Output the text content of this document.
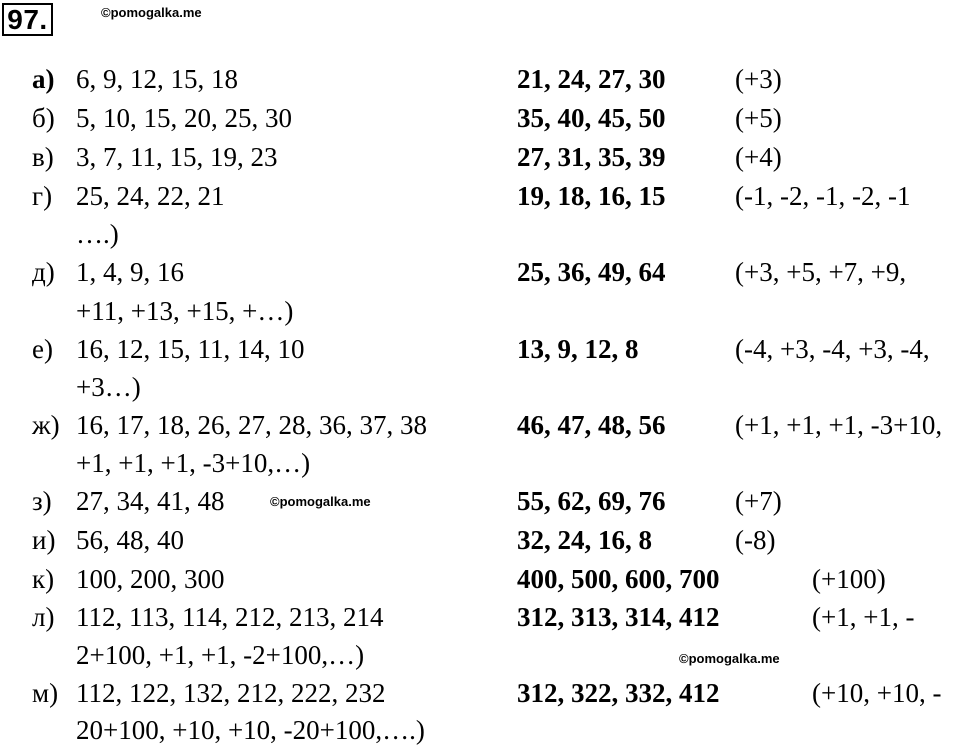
97.	©pomogalka.me
©pomogalka.me
©pomogalka.me
а) 6, 9, 12, 15, 18	21, 24, 27, 30	(+3)
б) 5, 10, 15, 20, 25, 30	35, 40, 45, 50	(+5)
в) 3, 7, 11, 15, 19, 23	27, 31, 35, 39	(+4)
г) 25, 24, 22, 21	19, 18, 16, 15	(-1, -2, -1, -2, -1
….)
д) 1, 4, 9, 16	25, 36, 49, 64	(+3, +5, +7, +9,
+11, +13, +15, +…)
е) 16, 12, 15, 11, 14, 10	13, 9, 12, 8	(-4, +3, -4, +3, -4,
+3…)
ж) 16, 17, 18, 26, 27, 28, 36, 37, 38	46, 47, 48, 56	(+1, +1, +1, -3+10,
+1, +1, +1, -3+10,…)
з) 27, 34, 41, 48	55, 62, 69, 76	(+7)
и) 56, 48, 40	32, 24, 16, 8	(-8)
к) 100, 200, 300	400, 500, 600, 700	(+100)
л) 112, 113, 114, 212, 213, 214	312, 313, 314, 412	(+1, +1, -
2+100, +1, +1, -2+100,…)
м) 112, 122, 132, 212, 222, 232	312, 322, 332, 412	(+10, +10, -
20+100, +10, +10, -20+100,….)
